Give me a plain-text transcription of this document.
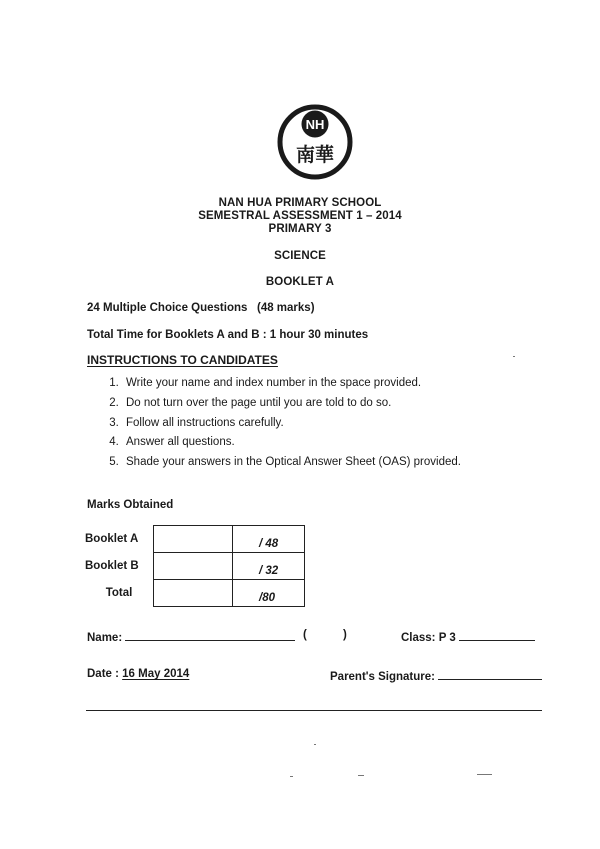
NH
南華
NAN HUA PRIMARY SCHOOL
SEMESTRAL ASSESSMENT 1 – 2014
PRIMARY 3
SCIENCE
BOOKLET A
24 Multiple Choice Questions (48 marks)
Total Time for Booklets A and B : 1 hour 30 minutes
INSTRUCTIONS TO CANDIDATES
1. Write your name and index number in the space provided.
2. Do not turn over the page until you are told to do so.
3. Follow all instructions carefully.
4. Answer all questions.
5. Shade your answers in the Optical Answer Sheet (OAS) provided.
Marks Obtained
Booklet A		/ 48
Booklet B		/ 32
Total		/80
Name:	(	)	Class: P 3
Date : 16 May 2014	Parent's Signature:
